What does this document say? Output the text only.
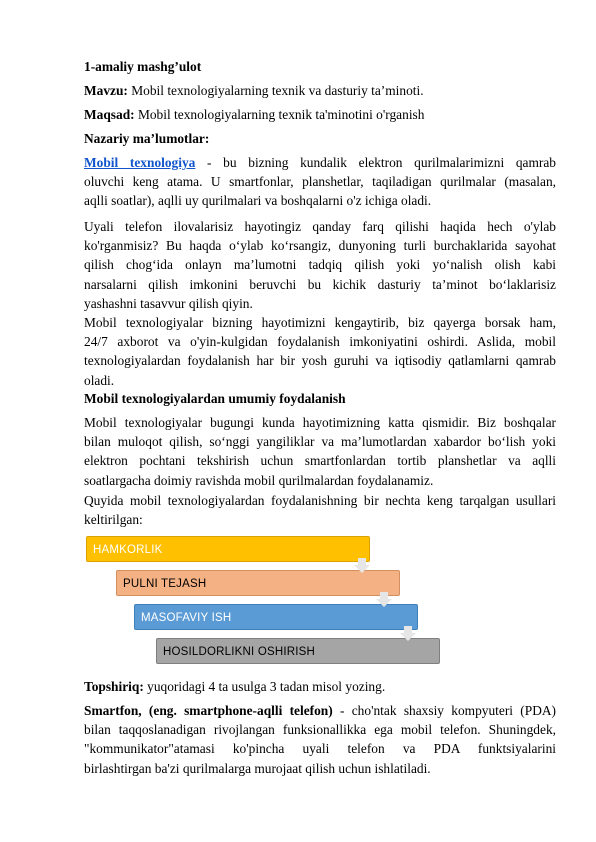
1-amaliy mashg’ulot

Mavzu: Mobil texnologiyalarning texnik va dasturiy ta’minoti.

Maqsad: Mobil texnologiyalarning texnik ta'minotini o'rganish

Nazariy ma’lumotlar:

Mobil texnologiya - bu bizning kundalik elektron qurilmalarimizni qamrab
oluvchi keng atama. U smartfonlar, planshetlar, taqiladigan qurilmalar (masalan,
aqlli soatlar), aqlli uy qurilmalari va boshqalarni o'z ichiga oladi.
Uyali telefon ilovalarisiz hayotingiz qanday farq qilishi haqida hech o'ylab
ko'rganmisiz? Bu haqda o‘ylab ko‘rsangiz, dunyoning turli burchaklarida sayohat
qilish chog‘ida onlayn ma’lumotni tadqiq qilish yoki yo‘nalish olish kabi
narsalarni qilish imkonini beruvchi bu kichik dasturiy ta’minot bo‘laklarisiz
yashashni tasavvur qilish qiyin.
Mobil texnologiyalar bizning hayotimizni kengaytirib, biz qayerga borsak ham,
24/7 axborot va o'yin-kulgidan foydalanish imkoniyatini oshirdi. Aslida, mobil
texnologiyalardan foydalanish har bir yosh guruhi va iqtisodiy qatlamlarni qamrab
oladi.

Mobil texnologiyalardan umumiy foydalanish

Mobil texnologiyalar bugungi kunda hayotimizning katta qismidir. Biz boshqalar
bilan muloqot qilish, so‘nggi yangiliklar va ma’lumotlardan xabardor bo‘lish yoki
elektron pochtani tekshirish uchun smartfonlardan tortib planshetlar va aqlli
soatlargacha doimiy ravishda mobil qurilmalardan foydalanamiz.
Quyida mobil texnologiyalardan foydalanishning bir nechta keng tarqalgan usullari
keltirilgan:
HAMKORLIK
PULNI TEJASH
MASOFAVIY ISH
HOSILDORLIKNI OSHIRISH

Topshiriq: yuqoridagi 4 ta usulga 3 tadan misol yozing.

Smartfon, (eng. smartphone-aqlli telefon) - cho'ntak shaxsiy kompyuteri (PDA)
bilan taqqoslanadigan rivojlangan funksionallikka ega mobil telefon. Shuningdek,
"kommunikator"atamasi ko'pincha uyali telefon va PDA funktsiyalarini
birlashtirgan ba'zi qurilmalarga murojaat qilish uchun ishlatiladi.
